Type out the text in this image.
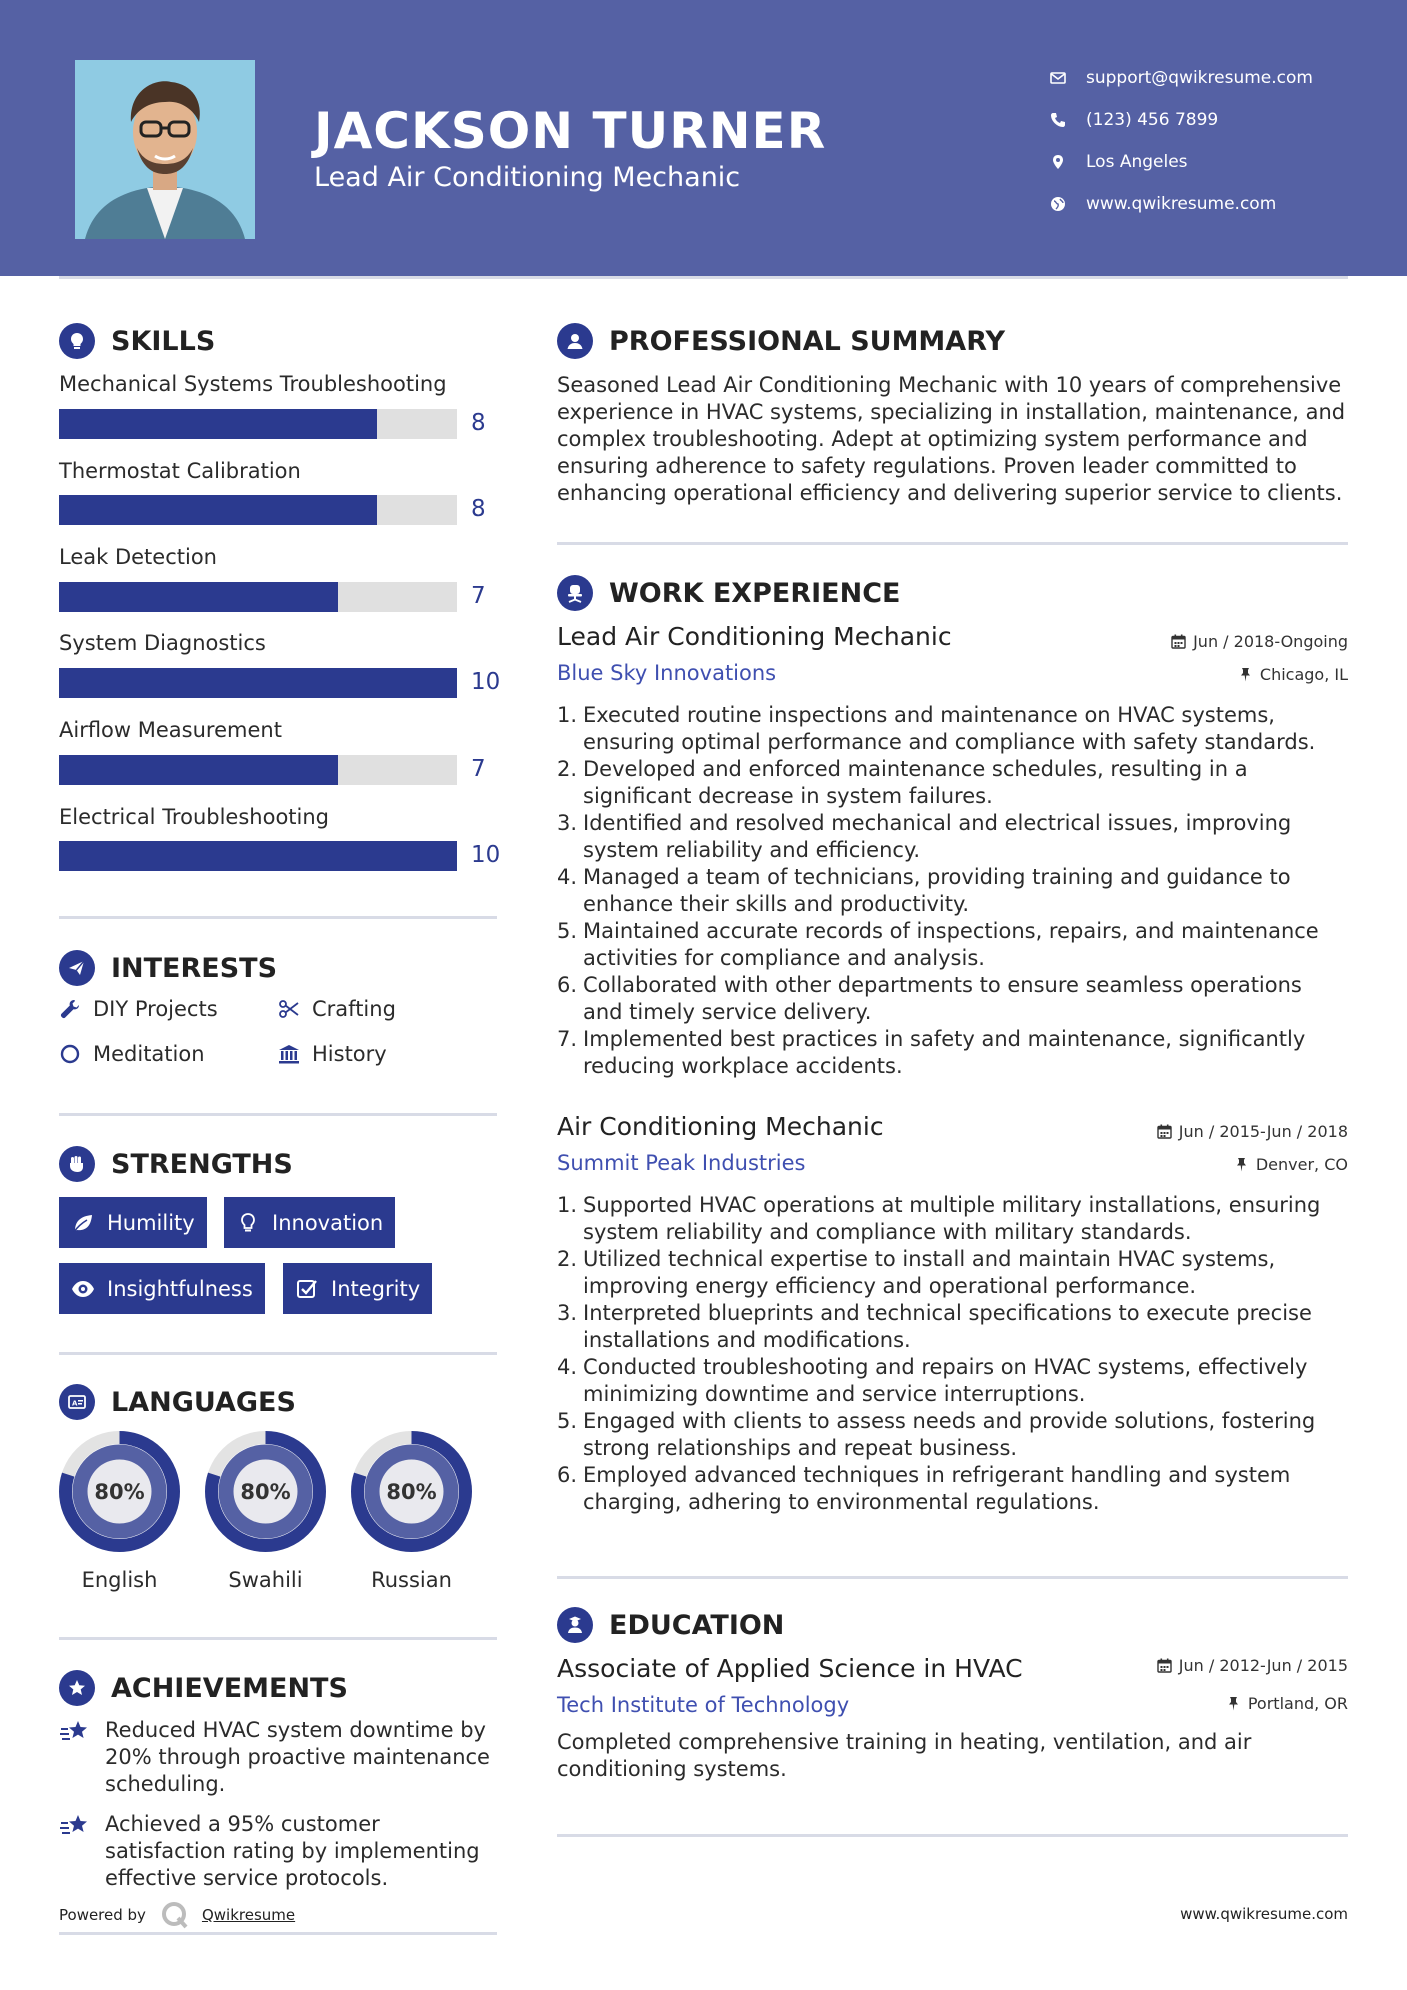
JACKSON TURNER
Lead Air Conditioning Mechanic
support@qwikresume.com
(123) 456 7899
Los Angeles
www.qwikresume.com
SKILLS
Mechanical Systems Troubleshooting
8
Thermostat Calibration
8
Leak Detection
7
System Diagnostics
10
Airflow Measurement
7
Electrical Troubleshooting
10
INTERESTS
DIY Projects	Crafting
Meditation	History
STRENGTHS
Humility	Innovation
Insightfulness	Integrity
A LANGUAGES
80%
English
80%
Swahili
80%
Russian
ACHIEVEMENTS
Reduced HVAC system downtime by 20% through proactive maintenance scheduling.
Achieved a 95% customer satisfaction rating by implementing effective service protocols.
Powered by	Qwikresume	www.qwikresume.com
PROFESSIONAL SUMMARY
Seasoned Lead Air Conditioning Mechanic with 10 years of comprehensive experience in HVAC systems, specializing in installation, maintenance, and complex troubleshooting. Adept at optimizing system performance and ensuring adherence to safety regulations. Proven leader committed to enhancing operational efficiency and delivering superior service to clients.
WORK EXPERIENCE
Lead Air Conditioning Mechanic	Jun / 2018-Ongoing
Blue Sky Innovations	Chicago, IL
1. Executed routine inspections and maintenance on HVAC systems, ensuring optimal performance and compliance with safety standards.
2. Developed and enforced maintenance schedules, resulting in a significant decrease in system failures.
3. Identified and resolved mechanical and electrical issues, improving system reliability and efficiency.
4. Managed a team of technicians, providing training and guidance to enhance their skills and productivity.
5. Maintained accurate records of inspections, repairs, and maintenance activities for compliance and analysis.
6. Collaborated with other departments to ensure seamless operations and timely service delivery.
7. Implemented best practices in safety and maintenance, significantly reducing workplace accidents.
Air Conditioning Mechanic	Jun / 2015-Jun / 2018
Summit Peak Industries	Denver, CO
1. Supported HVAC operations at multiple military installations, ensuring system reliability and compliance with military standards.
2. Utilized technical expertise to install and maintain HVAC systems, improving energy efficiency and operational performance.
3. Interpreted blueprints and technical specifications to execute precise installations and modifications.
4. Conducted troubleshooting and repairs on HVAC systems, effectively minimizing downtime and service interruptions.
5. Engaged with clients to assess needs and provide solutions, fostering strong relationships and repeat business.
6. Employed advanced techniques in refrigerant handling and system charging, adhering to environmental regulations.
EDUCATION
Associate of Applied Science in HVAC	Jun / 2012-Jun / 2015
Tech Institute of Technology	Portland, OR
Completed comprehensive training in heating, ventilation, and air conditioning systems.
